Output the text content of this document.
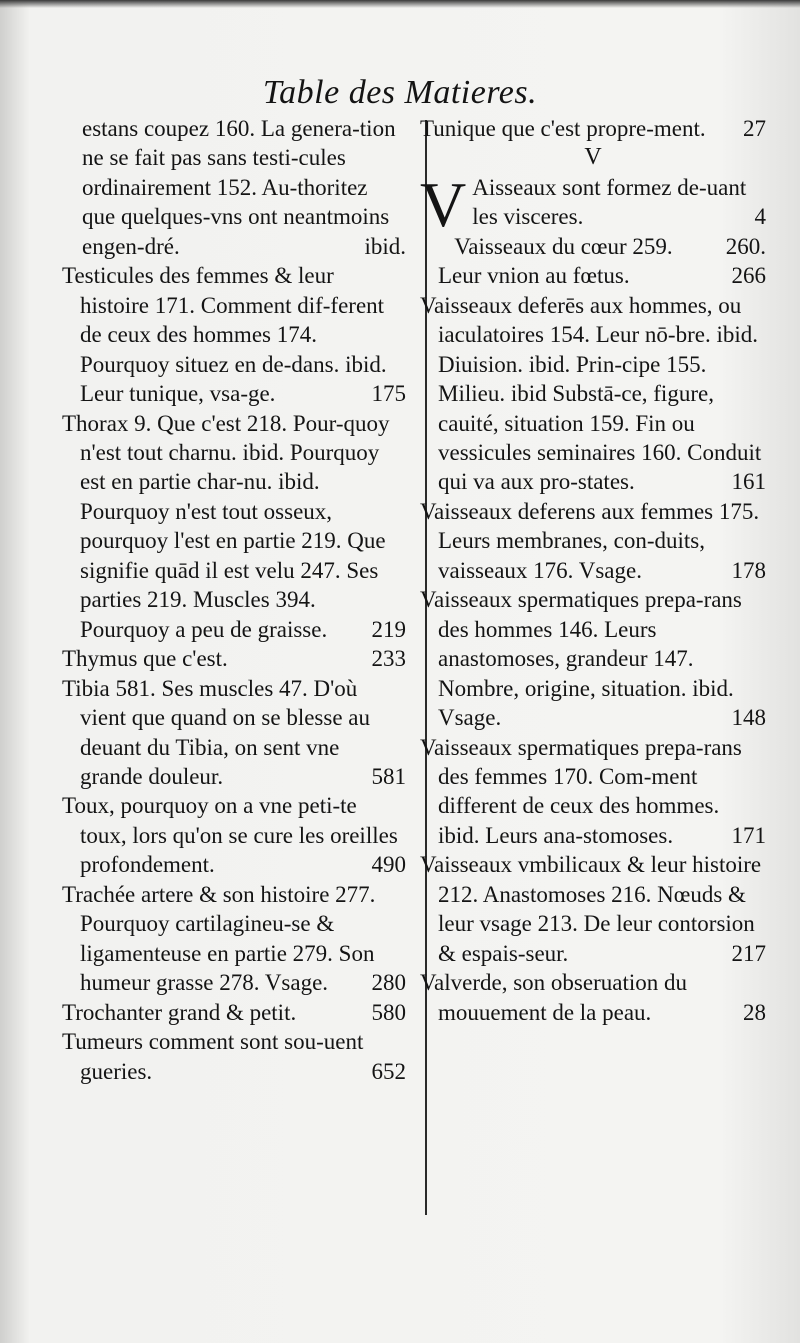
Table des Matieres.
estans coupez 160. La genera-tion ne se fait pas sans testi-cules ordinairement 152. Au-thoritez que quelques-vns ont neantmoins engen-dré.	ibid.
Testicules des femmes & leur histoire 171. Comment dif-ferent de ceux des hommes 174. Pourquoy situez en de-dans. ibid. Leur tunique, vsa-ge.	175
Thorax 9. Que c'est 218. Pour-quoy n'est tout charnu. ibid. Pourquoy est en partie char-nu. ibid. Pourquoy n'est tout osseux, pourquoy l'est en partie 219. Que signifie quād il est velu 247. Ses parties 219. Muscles 394. Pourquoy a peu de graisse. 219
Thymus que c'est.	233
Tibia 581. Ses muscles 47. D'où vient que quand on se blesse au deuant du Tibia, on sent vne grande douleur.	581
Toux, pourquoy on a vne peti-te toux, lors qu'on se cure les oreilles profondement.	490
Trachée artere & son histoire 277. Pourquoy cartilagineu-se & ligamenteuse en partie 279. Son humeur grasse 278. Vsage. 280
Trochanter grand & petit.	580
Tumeurs comment sont sou-uent gueries.	652
Tunique que c'est propre-ment. 27
V
V Aisseaux sont formez de-uant les visceres.	4
Vaisseaux du cœur 259. 260.

Leur vnion au fœtus.	266
Vaisseaux deferēs aux hommes, ou iaculatoires 154. Leur nō-bre. ibid. Diuision. ibid. Prin-cipe 155. Milieu. ibid Substā-ce, figure, cauité, situation 159. Fin ou vessicules seminaires 160. Conduit qui va aux pro-states.	161
Vaisseaux deferens aux femmes 175. Leurs membranes, con-duits, vaisseaux 176. Vsage.	178
Vaisseaux spermatiques prepa-rans des hommes 146. Leurs anastomoses, grandeur 147. Nombre, origine, situation. ibid. Vsage.	148
Vaisseaux spermatiques prepa-rans des femmes 170. Com-ment different de ceux des hommes. ibid. Leurs ana-stomoses.	171
Vaisseaux vmbilicaux & leur histoire 212. Anastomoses 216. Nœuds & leur vsage 213. De leur contorsion & espais-seur.	217
Valverde, son obseruation du mouuement de la peau.	28
